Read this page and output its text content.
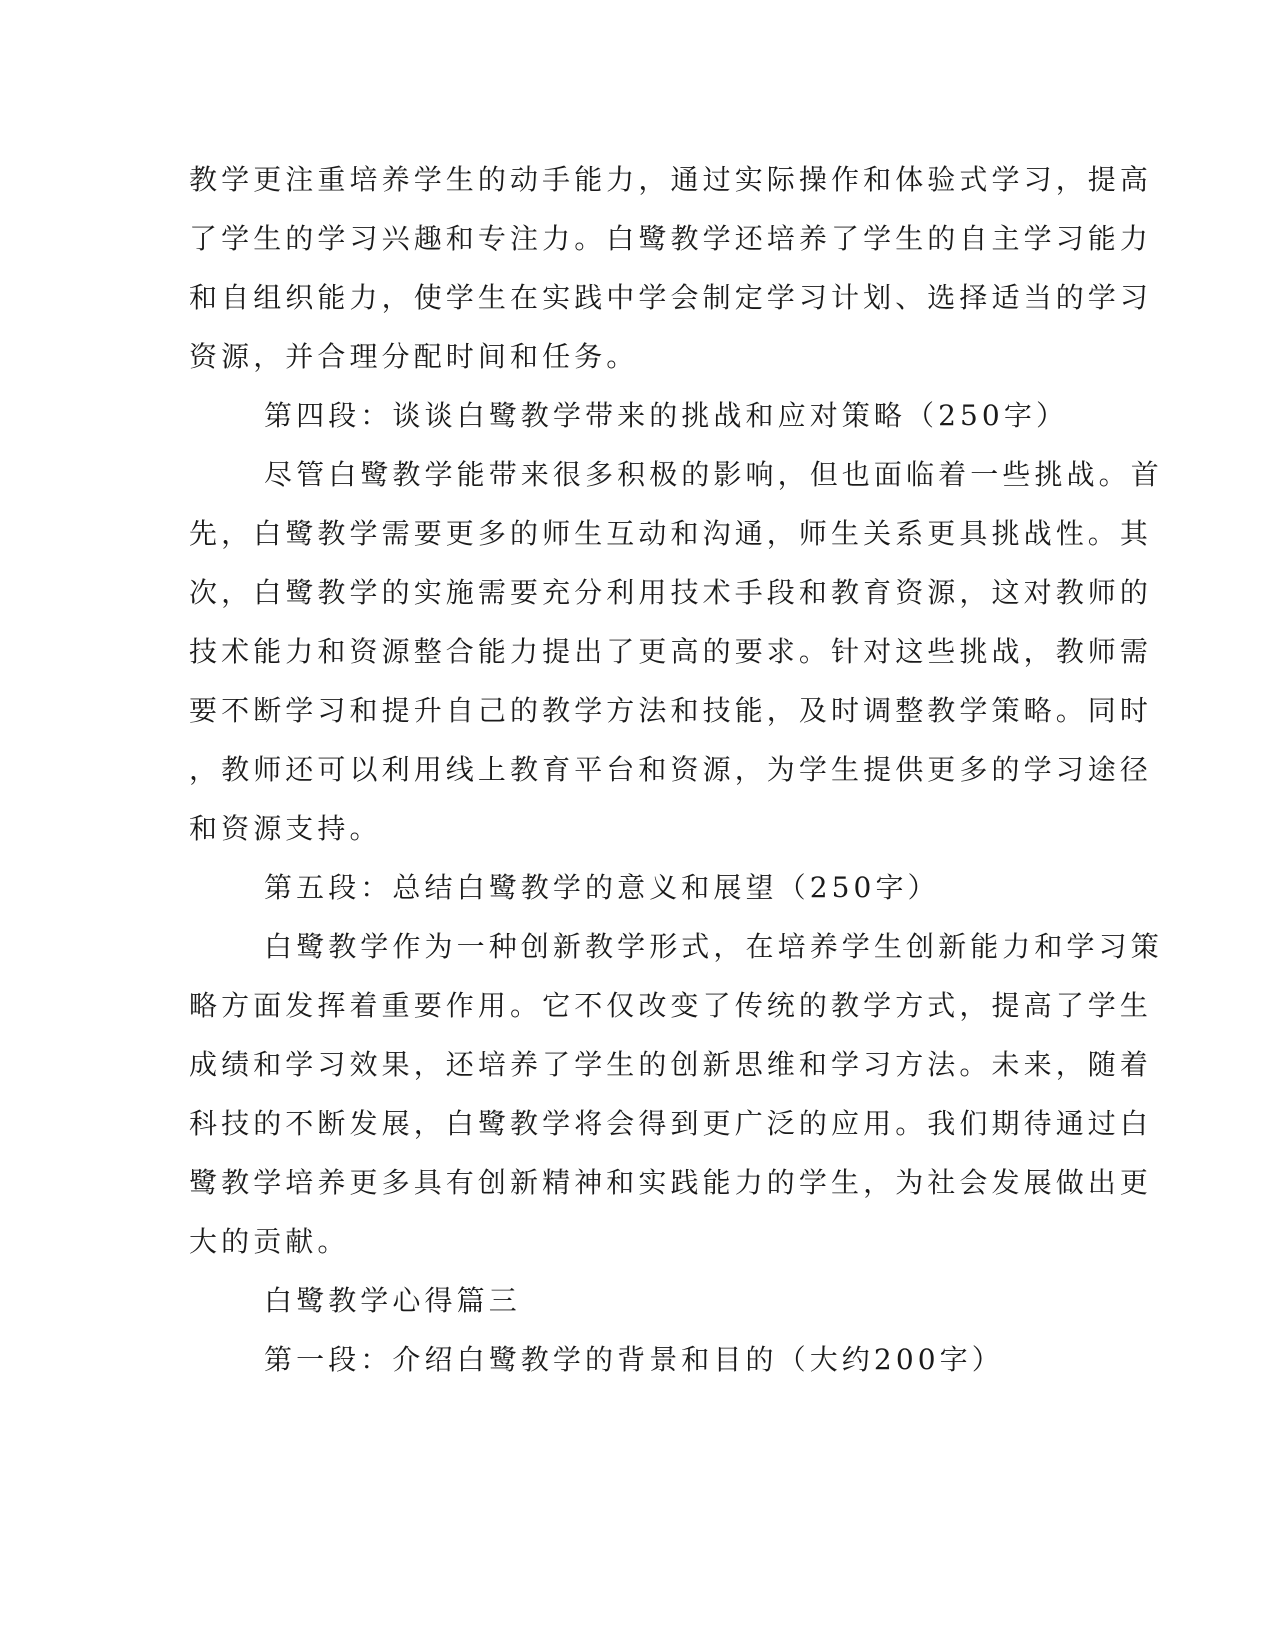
教学更注重培养学生的动手能力，通过实际操作和体验式学习，提高

了学生的学习兴趣和专注力。白鹭教学还培养了学生的自主学习能力

和自组织能力，使学生在实践中学会制定学习计划、选择适当的学习

资源，并合理分配时间和任务。

第四段：谈谈白鹭教学带来的挑战和应对策略（250字）

尽管白鹭教学能带来很多积极的影响，但也面临着一些挑战。首

先，白鹭教学需要更多的师生互动和沟通，师生关系更具挑战性。其

次，白鹭教学的实施需要充分利用技术手段和教育资源，这对教师的

技术能力和资源整合能力提出了更高的要求。针对这些挑战，教师需

要不断学习和提升自己的教学方法和技能，及时调整教学策略。同时

，教师还可以利用线上教育平台和资源，为学生提供更多的学习途径

和资源支持。

第五段：总结白鹭教学的意义和展望（250字）

白鹭教学作为一种创新教学形式，在培养学生创新能力和学习策

略方面发挥着重要作用。它不仅改变了传统的教学方式，提高了学生

成绩和学习效果，还培养了学生的创新思维和学习方法。未来，随着

科技的不断发展，白鹭教学将会得到更广泛的应用。我们期待通过白

鹭教学培养更多具有创新精神和实践能力的学生，为社会发展做出更

大的贡献。

白鹭教学心得篇三

第一段：介绍白鹭教学的背景和目的（大约200字）
